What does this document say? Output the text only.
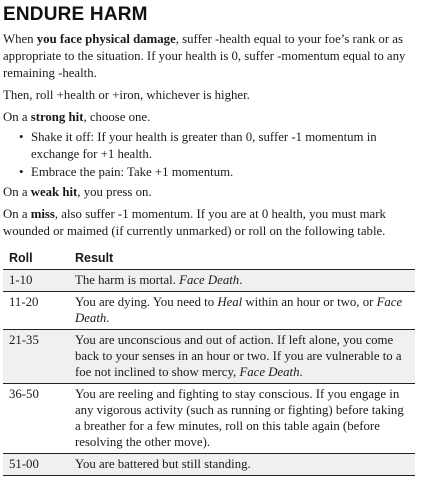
ENDURE HARM

When you face physical damage, suffer -health equal to your foe’s rank or as appropriate to the situation. If your health is 0, suffer -momentum equal to any remaining -health.

Then, roll +health or +iron, whichever is higher.

On a strong hit, choose one.

• Shake it off: If your health is greater than 0, suffer -1 momentum in exchange for +1 health.
• Embrace the pain: Take +1 momentum.

On a weak hit, you press on.

On a miss, also suffer -1 momentum. If you are at 0 health, you must mark wounded or maimed (if currently unmarked) or roll on the following table.

Roll	Result
1-10	The harm is mortal. Face Death.
11-20	You are dying. You need to Heal within an hour or two, or Face Death.
21-35	You are unconscious and out of action. If left alone, you come back to your senses in an hour or two. If you are vulnerable to a foe not inclined to show mercy, Face Death.
36-50	You are reeling and fighting to stay conscious. If you engage in any vigorous activity (such as running or fighting) before taking a breather for a few minutes, roll on this table again (before resolving the other move).
51-00	You are battered but still standing.
